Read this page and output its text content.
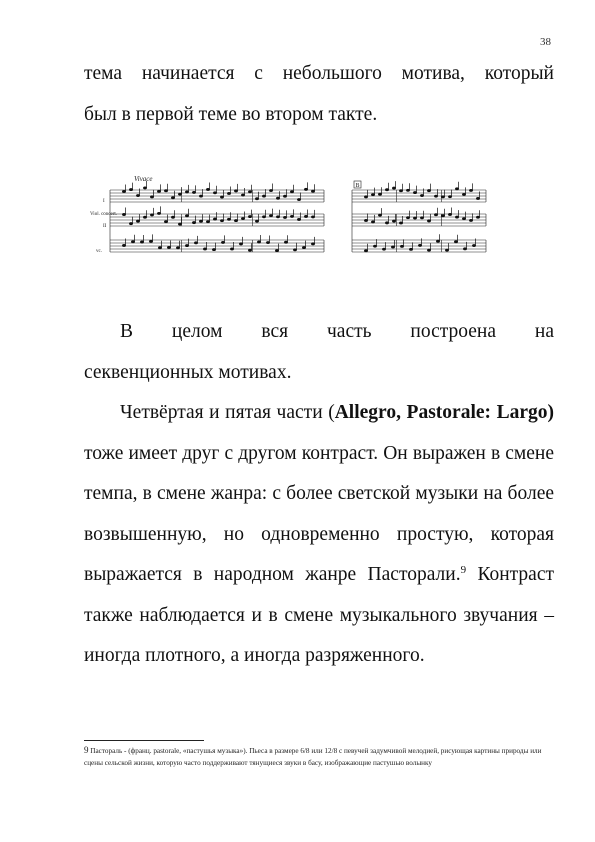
38
тема начинается с небольшого мотива, который
был в первой теме во втором такте.
Vivace
I
Viol. concert.
II
vc.
B
В целом вся часть построена на
секвенционных мотивах.

Четвёртая и пятая части (Allegro, Pastorale: Largo) тоже имеет друг с другом контраст. Он выражен в смене темпа, в смене жанра: с более светской музыки на более возвышенную, но одновременно простую, которая выражается в народном жанре Пасторали.$^9$ Контраст также наблюдается и в смене музыкального звучания – иногда плотного, а иногда разряженного.

9 Пастораль - (франц. pastorale, «пастушья музыка»). Пьеса в размере 6/8 или 12/8 с певучей задумчивой мелодией, рисующая картины природы или сцены сельской жизни, которую часто поддерживают тянущиеся звуки в басу, изображающие пастушью волынку
